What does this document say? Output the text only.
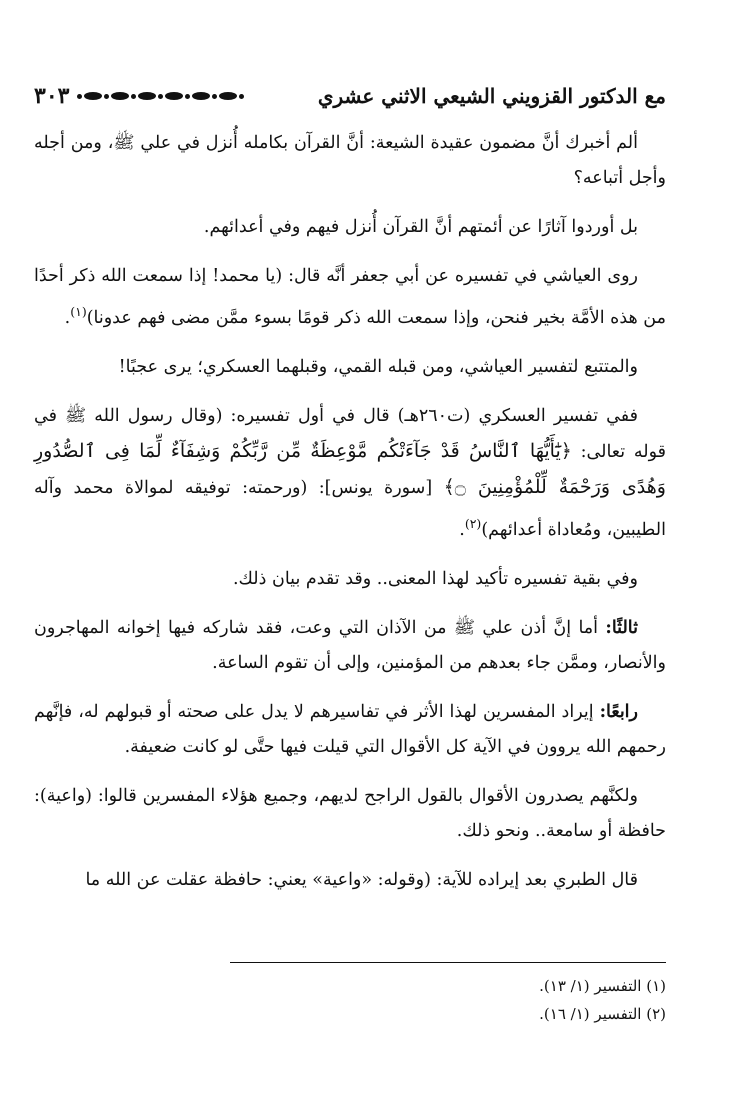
٣٠٣	مع الدكتور القزويني الشيعي الاثني عشري

ألم أخبرك أنَّ مضمون عقيدة الشيعة: أنَّ القرآن بكامله أُنزل في علي ﷺ، ومن أجله وأجل أتباعه؟

بل أوردوا آثارًا عن أئمتهم أنَّ القرآن أُنزل فيهم وفي أعدائهم.

روى العياشي في تفسيره عن أبي جعفر أنَّه قال: (يا محمد! إذا سمعت الله ذكر أحدًا من هذه الأمَّة بخير فنحن، وإذا سمعت الله ذكر قومًا بسوء ممَّن مضى فهم عدونا)$^{(١)}$.

والمتتبع لتفسير العياشي، ومن قبله القمي، وقبلهما العسكري؛ يرى عجبًا!

ففي تفسير العسكري (ت٢٦٠هـ) قال في أول تفسيره: (وقال رسول الله ﷺ في قوله تعالى: ﴿يَٰٓأَيُّهَا ٱلنَّاسُ قَدْ جَآءَتْكُم مَّوْعِظَةٌ مِّن رَّبِّكُمْ وَشِفَآءٌ لِّمَا فِى ٱلصُّدُورِ وَهُدًى وَرَحْمَةٌ لِّلْمُؤْمِنِينَ ۝﴾ [سورة يونس]: (ورحمته: توفيقه لموالاة محمد وآله الطيبين، ومُعاداة أعدائهم)$^{(٢)}$.

وفي بقية تفسيره تأكيد لهذا المعنى.. وقد تقدم بيان ذلك.

ثالثًا: أما إنَّ أذن علي ﷺ من الآذان التي وعت، فقد شاركه فيها إخوانه المهاجرون والأنصار، وممَّن جاء بعدهم من المؤمنين، وإلى أن تقوم الساعة.

رابعًا: إيراد المفسرين لهذا الأثر في تفاسيرهم لا يدل على صحته أو قبولهم له، فإنَّهم رحمهم الله يروون في الآية كل الأقوال التي قيلت فيها حتَّى لو كانت ضعيفة.

ولكنَّهم يصدرون الأقوال بالقول الراجح لديهم، وجميع هؤلاء المفسرين قالوا: (واعية): حافظة أو سامعة.. ونحو ذلك.

قال الطبري بعد إيراده للآية: (وقوله: «واعية» يعني: حافظة عقلت عن الله ما

(١) التفسير (١/ ١٣).

(٢) التفسير (١/ ١٦).
